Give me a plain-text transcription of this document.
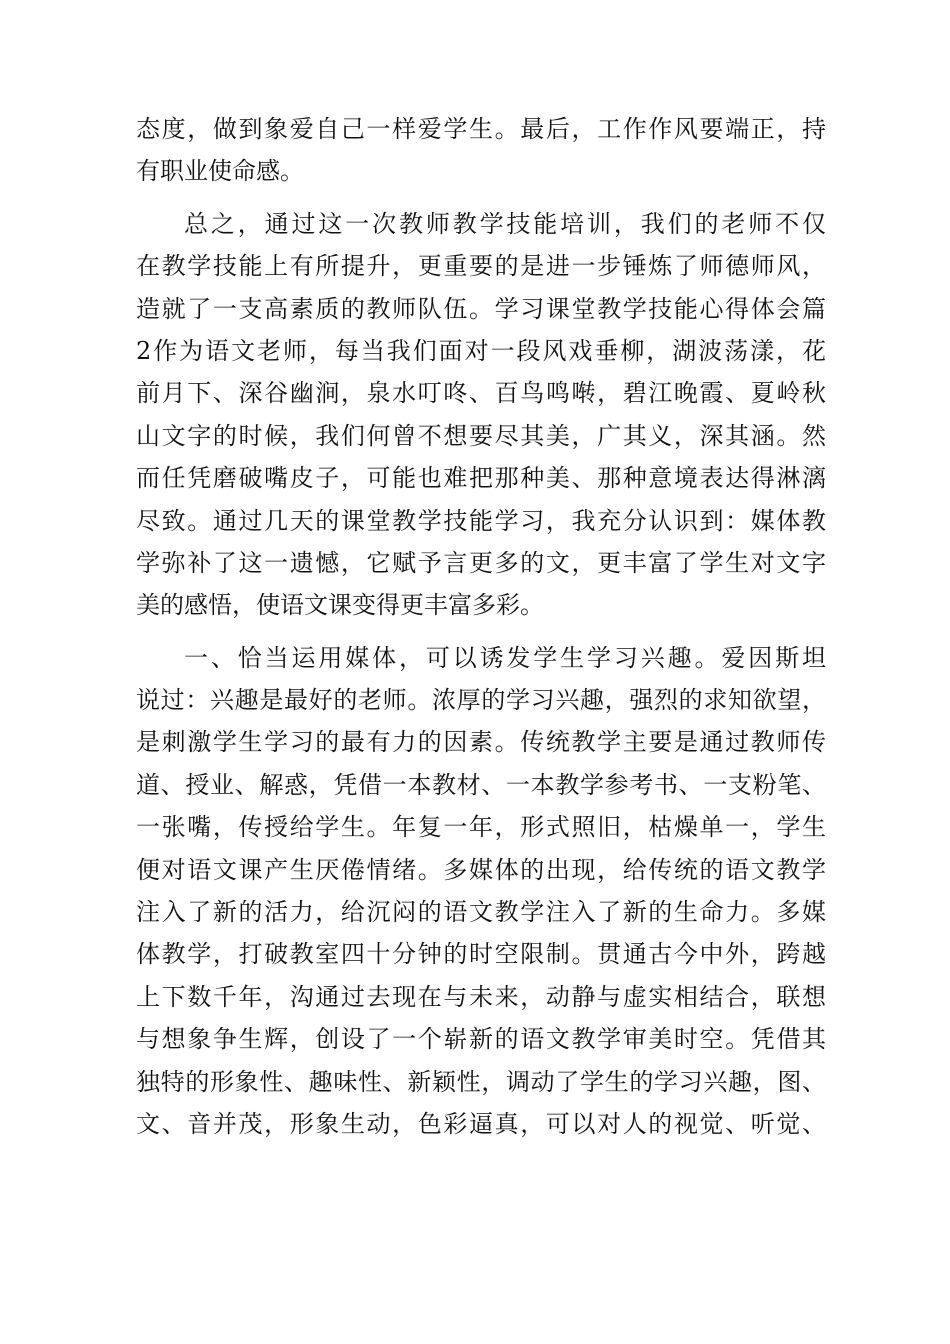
态度，做到象爱自己一样爱学生。最后，工作作风要端正，持
有职业使命感。
总之，通过这一次教师教学技能培训，我们的老师不仅
在教学技能上有所提升，更重要的是进一步锤炼了师德师风，
造就了一支高素质的教师队伍。学习课堂教学技能心得体会篇
2作为语文老师，每当我们面对一段风戏垂柳，湖波荡漾，花
前月下、深谷幽涧，泉水叮咚、百鸟鸣啭，碧江晚霞、夏岭秋
山文字的时候，我们何曾不想要尽其美，广其义，深其涵。然
而任凭磨破嘴皮子，可能也难把那种美、那种意境表达得淋漓
尽致。通过几天的课堂教学技能学习，我充分认识到：媒体教
学弥补了这一遗憾，它赋予言更多的文，更丰富了学生对文字
美的感悟，使语文课变得更丰富多彩。
一、恰当运用媒体，可以诱发学生学习兴趣。爱因斯坦
说过：兴趣是最好的老师。浓厚的学习兴趣，强烈的求知欲望，
是刺激学生学习的最有力的因素。传统教学主要是通过教师传
道、授业、解惑，凭借一本教材、一本教学参考书、一支粉笔、
一张嘴，传授给学生。年复一年，形式照旧，枯燥单一，学生
便对语文课产生厌倦情绪。多媒体的出现，给传统的语文教学
注入了新的活力，给沉闷的语文教学注入了新的生命力。多媒
体教学，打破教室四十分钟的时空限制。贯通古今中外，跨越
上下数千年，沟通过去现在与未来，动静与虚实相结合，联想
与想象争生辉，创设了一个崭新的语文教学审美时空。凭借其
独特的形象性、趣味性、新颖性，调动了学生的学习兴趣，图、
文、音并茂，形象生动，色彩逼真，可以对人的视觉、听觉、
